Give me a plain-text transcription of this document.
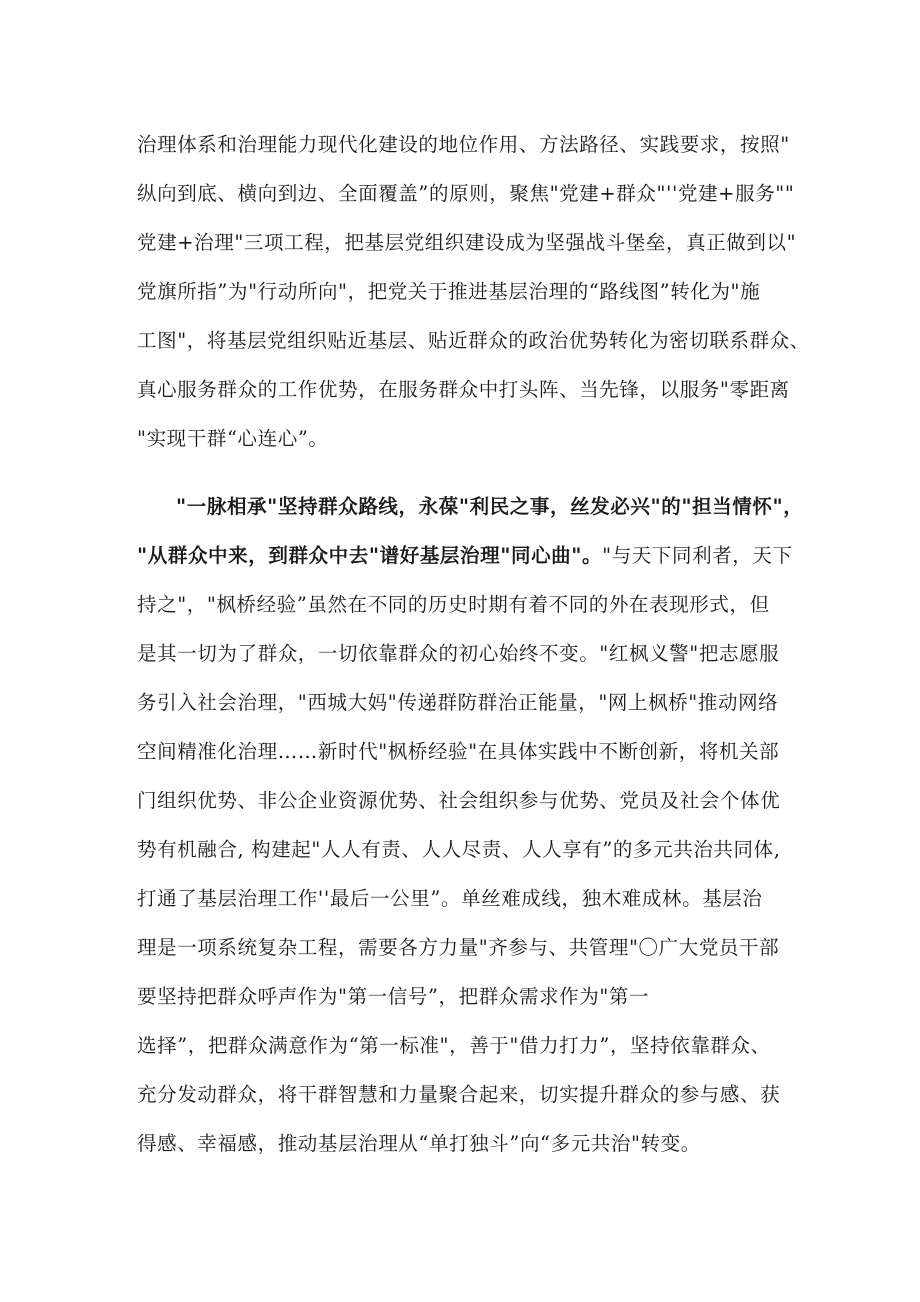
治理体系和治理能力现代化建设的地位作用、方法路径、实践要求，按照"
纵向到底、横向到边、全面覆盖”的原则，聚焦"党建+群众"''党建+服务""
党建+治理"三项工程，把基层党组织建设成为坚强战斗堡垒，真正做到以"
党旗所指”为"行动所向"，把党关于推进基层治理的“路线图”转化为"施
工图"，将基层党组织贴近基层、贴近群众的政治优势转化为密切联系群众、
真心服务群众的工作优势，在服务群众中打头阵、当先锋，以服务"零距离
"实现干群“心连心”。
"一脉相承"坚持群众路线，永葆"利民之事，丝发必兴"的"担当情怀"，
"从群众中来，到群众中去"谱好基层治理"同心曲"。"与天下同利者，天下
持之"，"枫桥经验”虽然在不同的历史时期有着不同的外在表现形式，但
是其一切为了群众，一切依靠群众的初心始终不变。"红枫义警"把志愿服
务引入社会治理，"西城大妈"传递群防群治正能量，"网上枫桥"推动网络
空间精准化治理……新时代"枫桥经验"在具体实践中不断创新，将机关部
门组织优势、非公企业资源优势、社会组织参与优势、党员及社会个体优
势有机融合, 构建起"人人有责、人人尽责、人人享有”的多元共治共同体,
打通了基层治理工作''最后一公里”。单丝难成线，独木难成林。基层治
理是一项系统复杂工程，需要各方力量"齐参与、共管理"〇广大党员干部
要坚持把群众呼声作为"第一信号”，把群众需求作为"第一
选择”，把群众满意作为“第一标准"，善于"借力打力”，坚持依靠群众、
充分发动群众，将干群智慧和力量聚合起来，切实提升群众的参与感、获
得感、幸福感，推动基层治理从“单打独斗”向“多元共治"转变。
